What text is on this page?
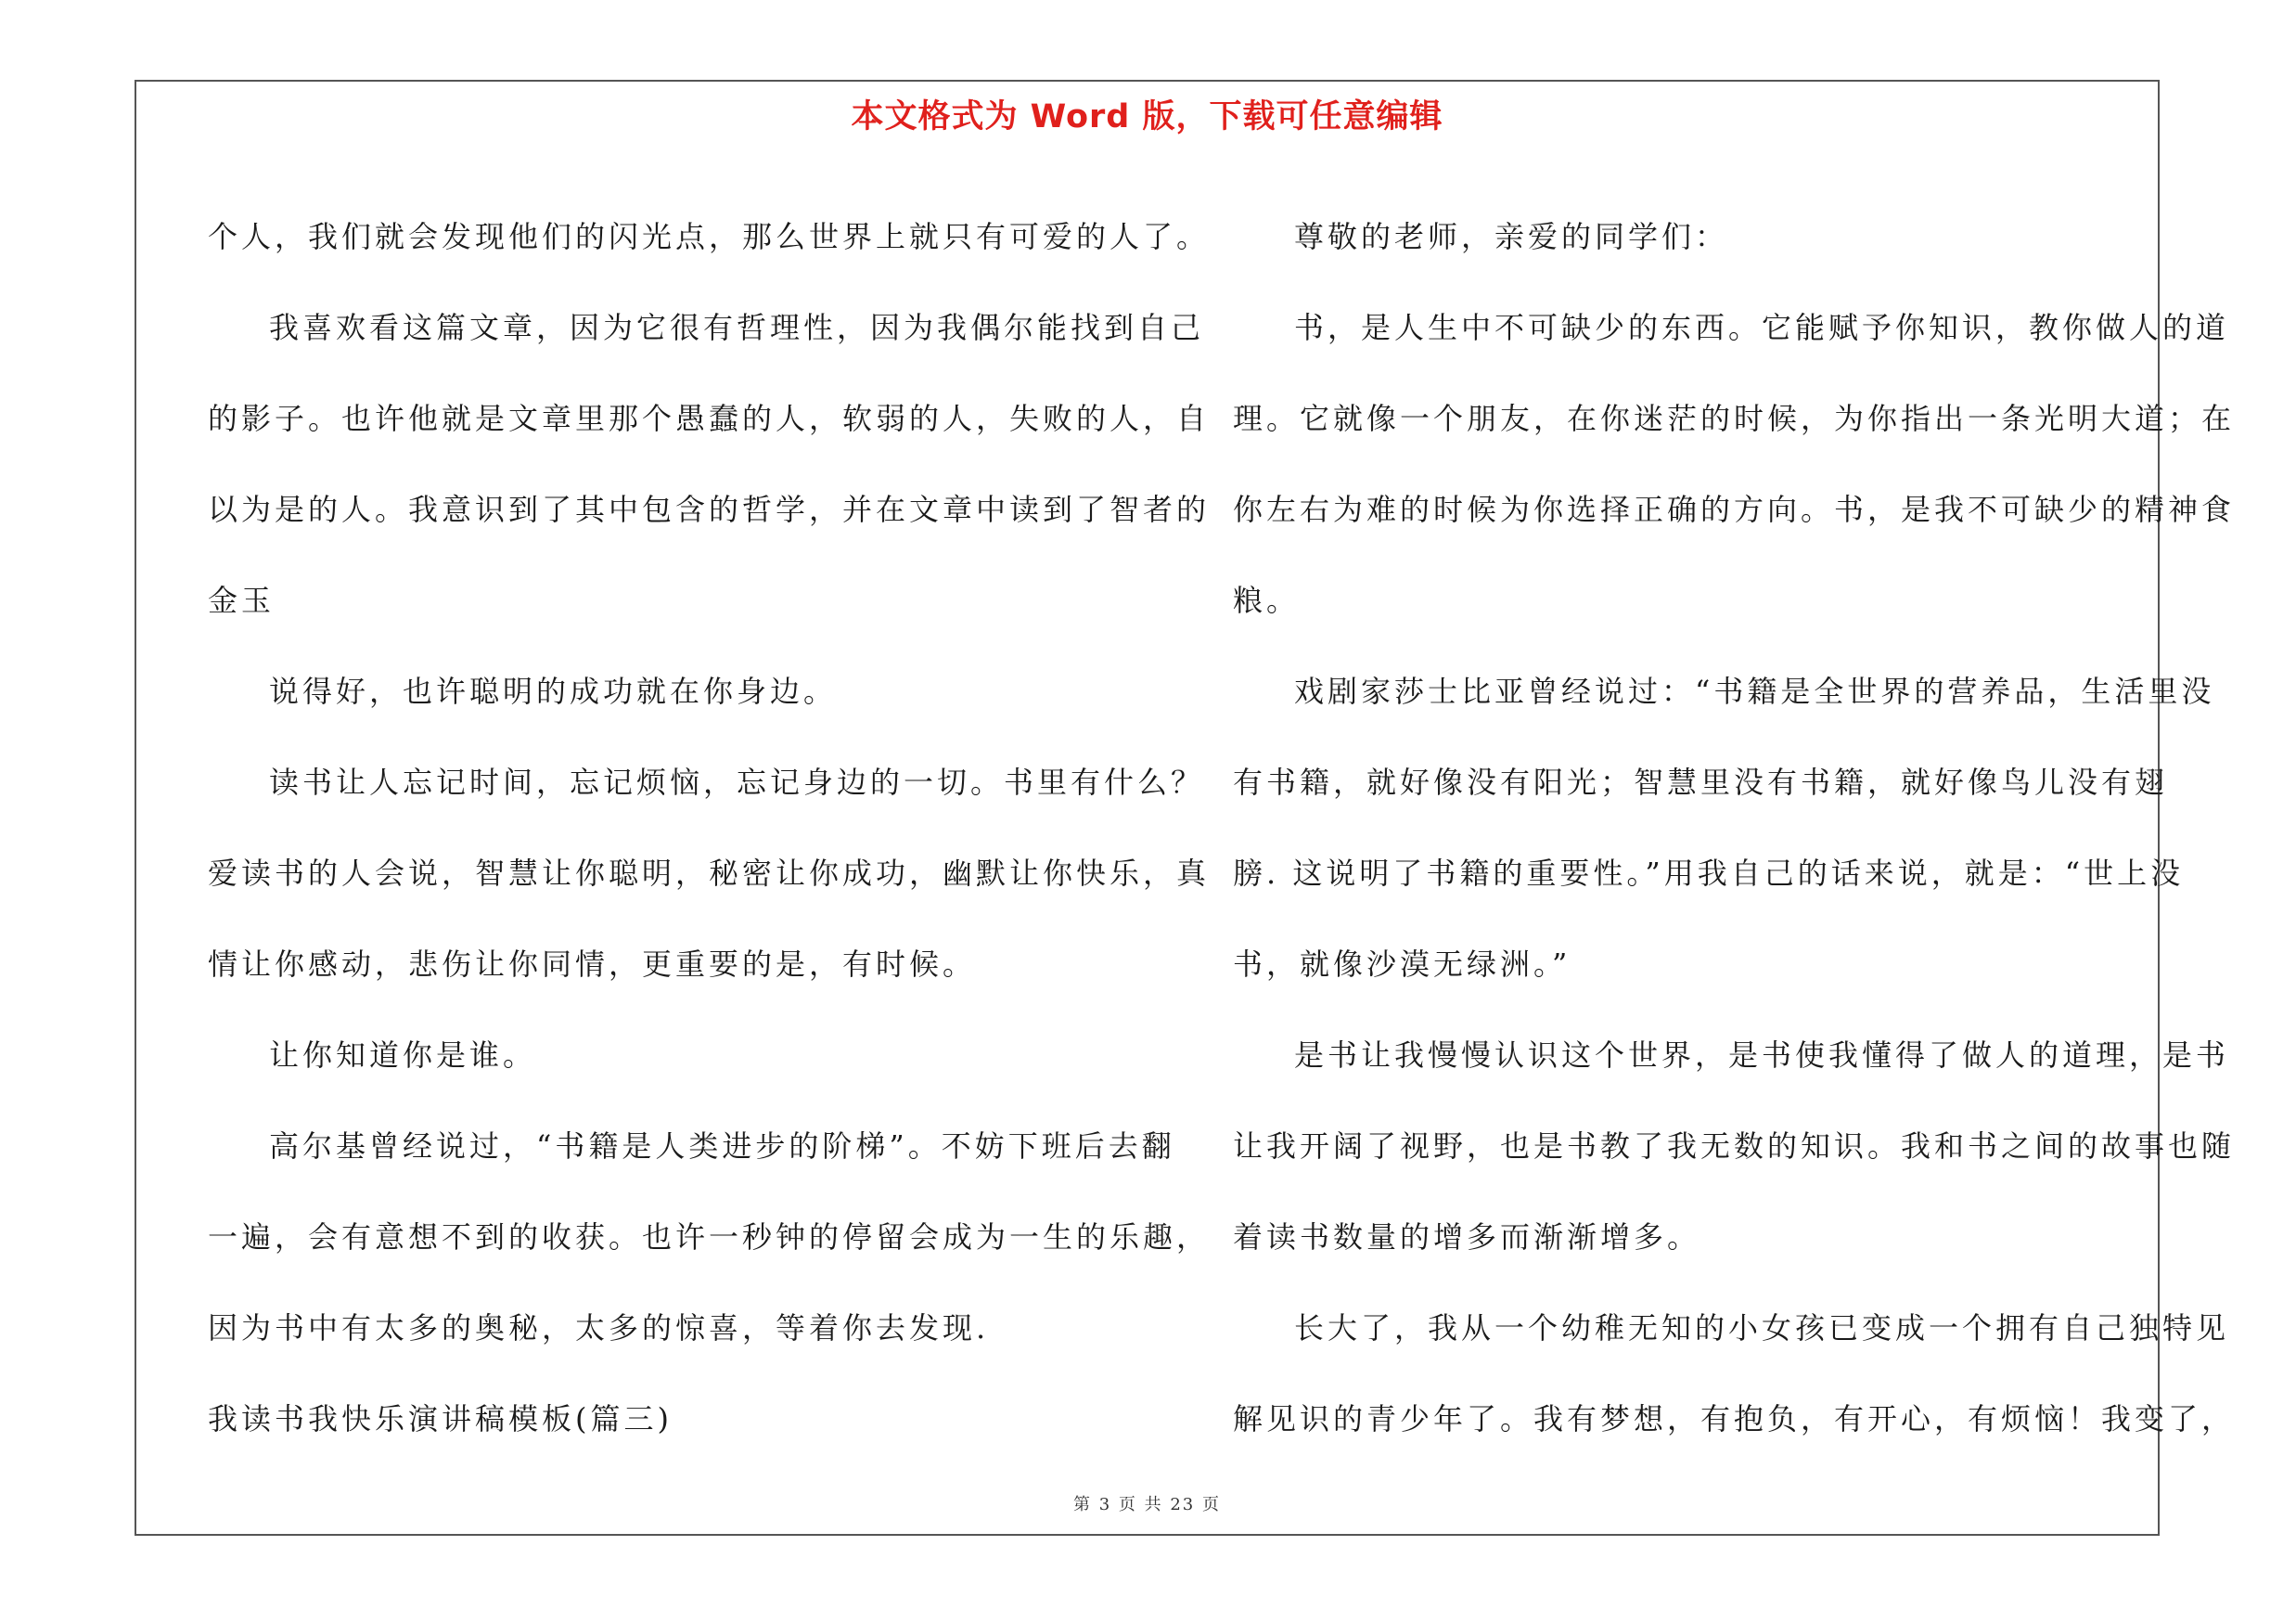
本文格式为 Word 版，下载可任意编辑
个人，我们就会发现他们的闪光点，那么世界上就只有可爱的人了。
我喜欢看这篇文章，因为它很有哲理性，因为我偶尔能找到自己
的影子。也许他就是文章里那个愚蠢的人，软弱的人，失败的人，自
以为是的人。我意识到了其中包含的哲学，并在文章中读到了智者的
金玉
说得好，也许聪明的成功就在你身边。
读书让人忘记时间，忘记烦恼，忘记身边的一切。书里有什么？
爱读书的人会说，智慧让你聪明，秘密让你成功，幽默让你快乐，真
情让你感动，悲伤让你同情，更重要的是，有时候。
让你知道你是谁。
高尔基曾经说过，“书籍是人类进步的阶梯”。不妨下班后去翻
一遍，会有意想不到的收获。也许一秒钟的停留会成为一生的乐趣，
因为书中有太多的奥秘，太多的惊喜，等着你去发现.
我读书我快乐演讲稿模板(篇三)
尊敬的老师，亲爱的同学们：
书，是人生中不可缺少的东西。它能赋予你知识，教你做人的道
理。它就像一个朋友，在你迷茫的时候，为你指出一条光明大道；在
你左右为难的时候为你选择正确的方向。书，是我不可缺少的精神食
粮。
戏剧家莎士比亚曾经说过：“书籍是全世界的营养品，生活里没
有书籍，就好像没有阳光；智慧里没有书籍，就好像鸟儿没有翅
膀. 这说明了书籍的重要性。”用我自己的话来说，就是：“世上没
书，就像沙漠无绿洲。”
是书让我慢慢认识这个世界，是书使我懂得了做人的道理，是书
让我开阔了视野，也是书教了我无数的知识。我和书之间的故事也随
着读书数量的增多而渐渐增多。
长大了，我从一个幼稚无知的小女孩已变成一个拥有自己独特见
解见识的青少年了。我有梦想，有抱负，有开心，有烦恼！我变了，
第 3 页 共 23 页
